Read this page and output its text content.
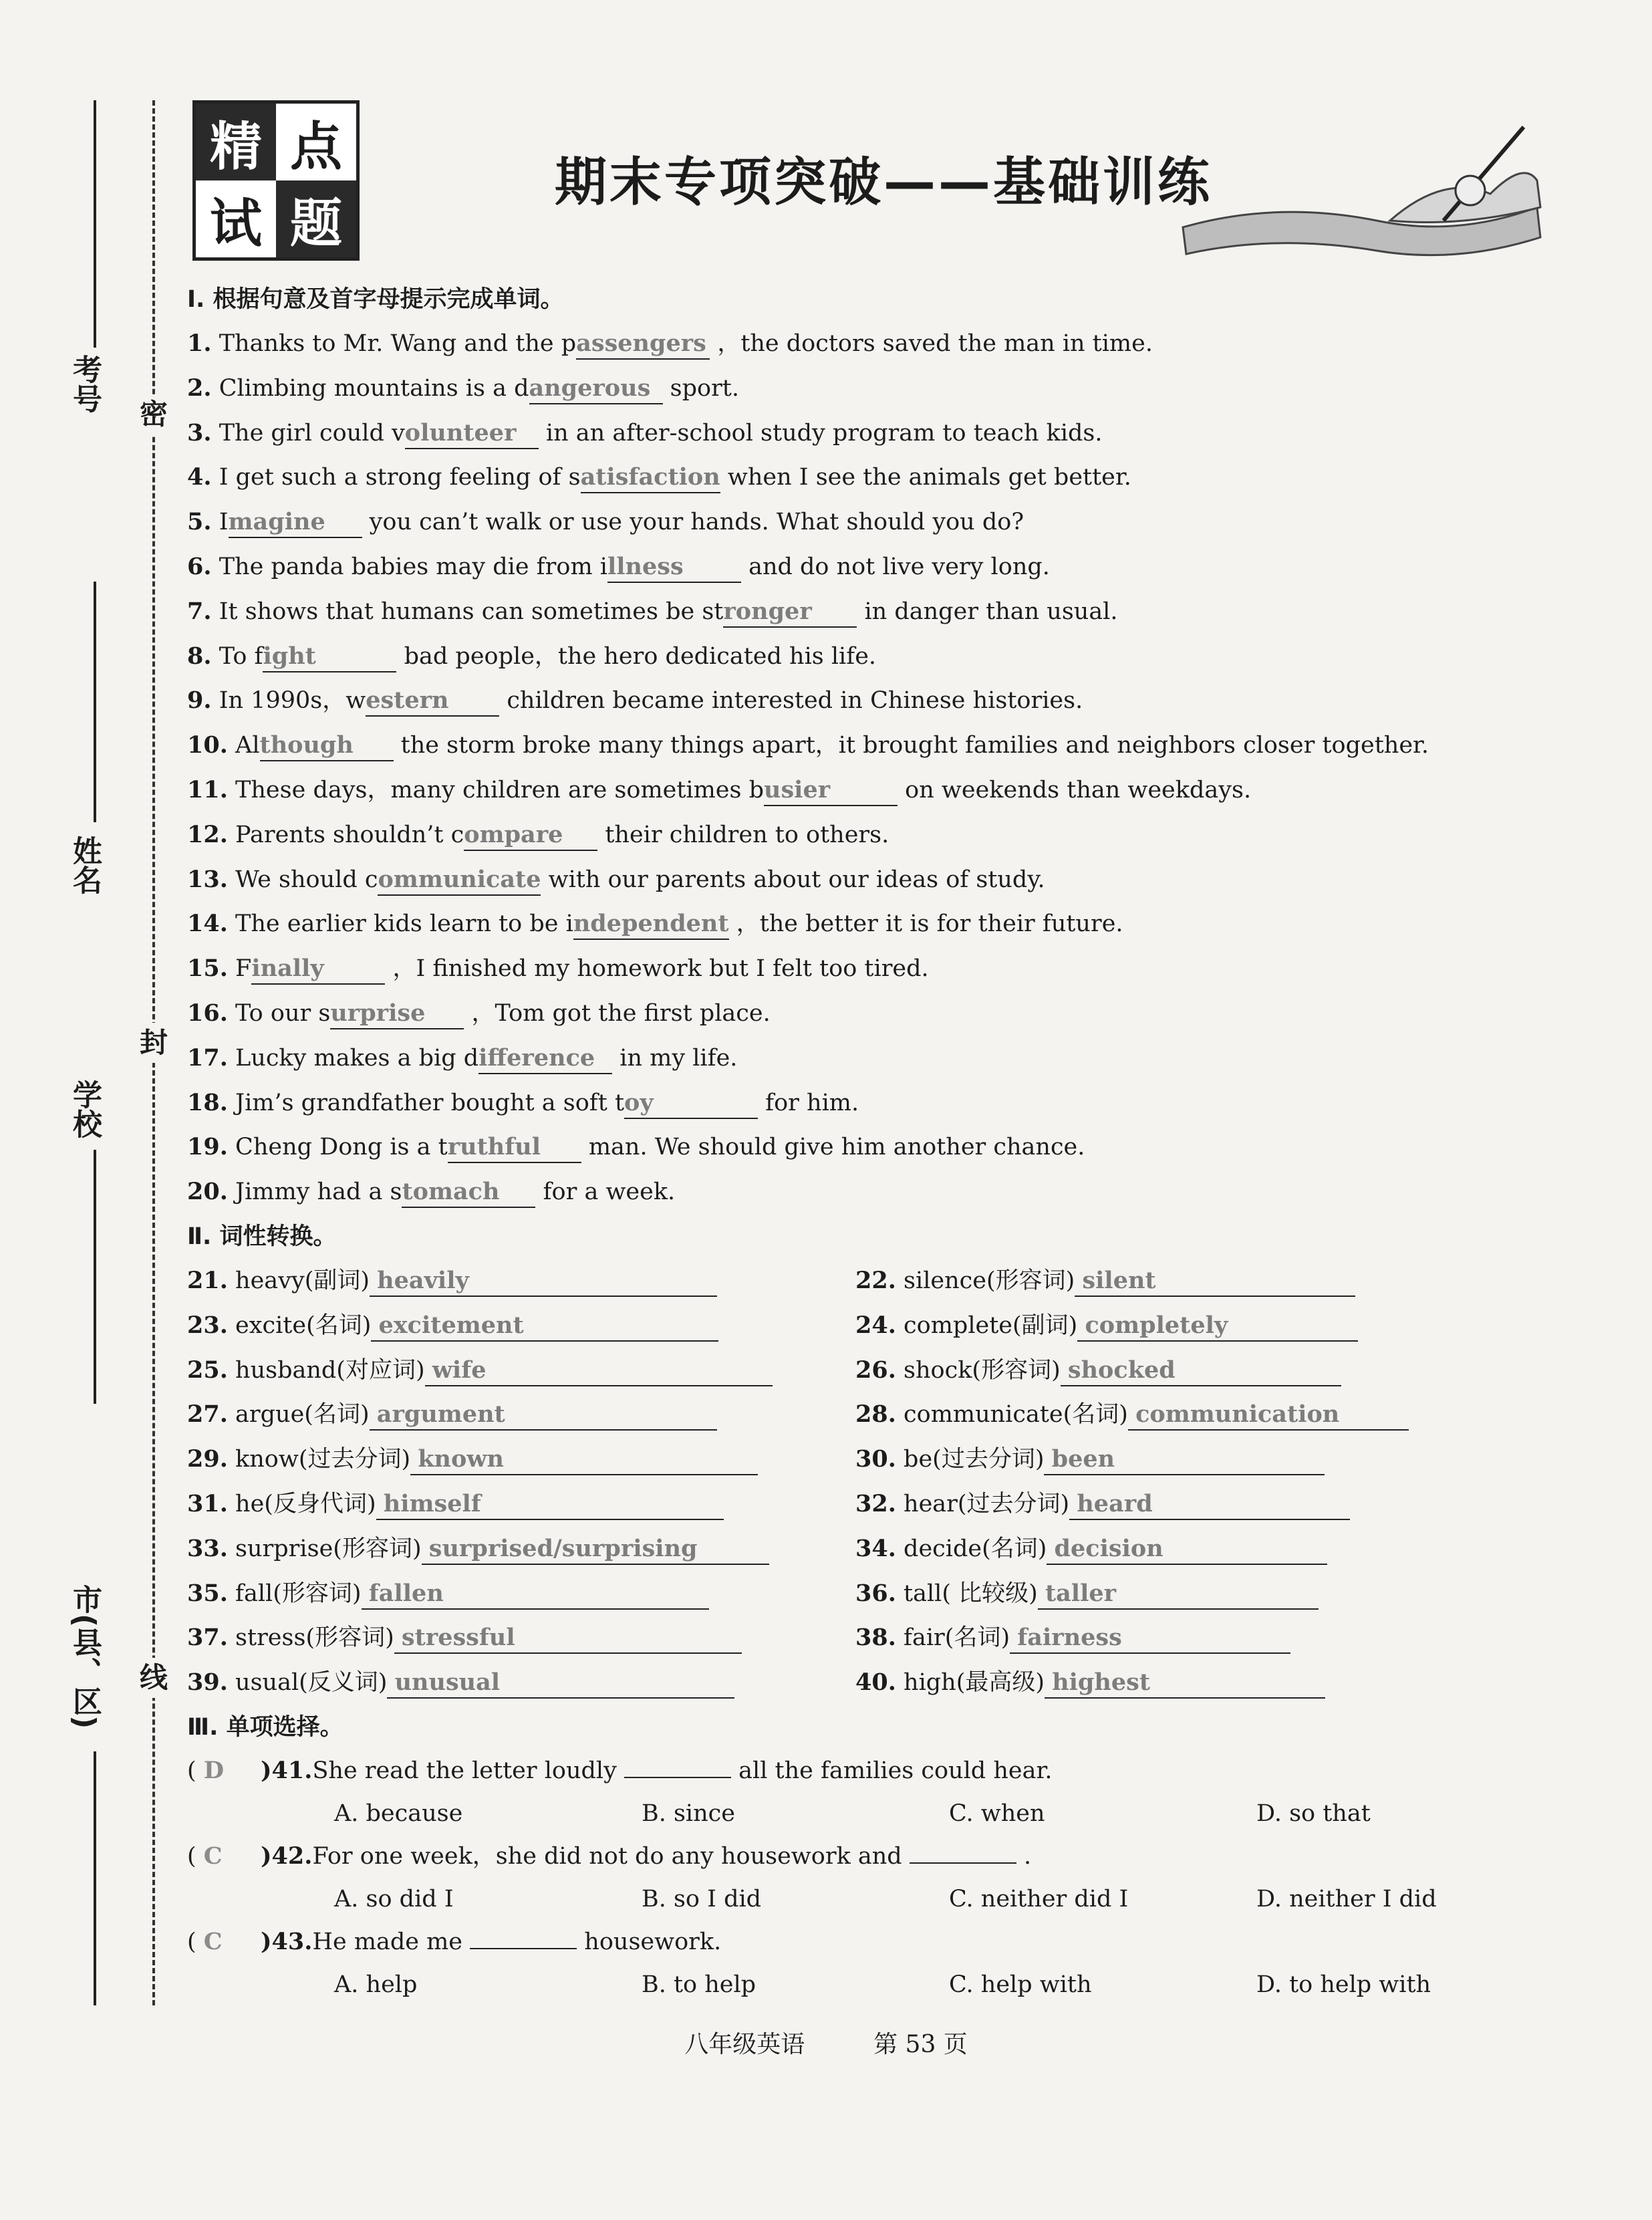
考号
姓名
学校
市(县、区)
密
封
线
精 点
试 题
期末专项突破——基础训练
I. 根据句意及首字母提示完成单词。
1. Thanks to Mr. Wang and the passengers ，the doctors saved the man in time.
2. Climbing mountains is a dangerous sport.
3. The girl could volunteer in an after-school study program to teach kids.
4. I get such a strong feeling of satisfaction when I see the animals get better.
5. Imagine you can’t walk or use your hands. What should you do?
6. The panda babies may die from illness	and do not live very long.
7. It shows that humans can sometimes be stronger in danger than usual.
8. To fight	bad people，the hero dedicated his life.
9. In 1990s，western children became interested in Chinese histories.
10. Although the storm broke many things apart，it brought families and neighbors closer together.
11. These days，many children are sometimes busier	on weekends than weekdays.
12. Parents shouldn’t compare their children to others.
13. We should communicate with our parents about our ideas of study.
14. The earlier kids learn to be independent ，the better it is for their future.
15. Finally	，I finished my homework but I felt too tired.
16. To our surprise ，Tom got the first place.
17. Lucky makes a big difference in my life.
18. Jim’s grandfather bought a soft toy	for him.
19. Cheng Dong is a truthful man. We should give him another chance.
20. Jimmy had a stomach for a week.
Ⅱ. 词性转换。
21. heavy(副词) heavily	22. silence(形容词) silent
23. excite(名词) excitement	24. complete(副词) completely
25. husband(对应词) wife	26. shock(形容词) shocked
27. argue(名词) argument	28. communicate(名词) communication
29. know(过去分词) known	30. be(过去分词) been
31. he(反身代词) himself	32. hear(过去分词) heard
33. surprise(形容词) surprised/surprising	34. decide(名词) decision
35. fall(形容词) fallen	36. tall( 比较级) taller
37. stress(形容词) stressful	38. fair(名词) fairness
39. usual(反义词) unusual	40. high(最高级) highest
Ⅲ. 单项选择。
( D )41.She read the letter loudly	all the families could hear.
A. because	B. since	C. when	D. so that
( C )42.For one week，she did not do any housework and	.
A. so did I	B. so I did	C. neither did I	D. neither I did
( C )43.He made me	housework.
A. help	B. to help	C. help with	D. to help with
八年级英语	第 53 页
